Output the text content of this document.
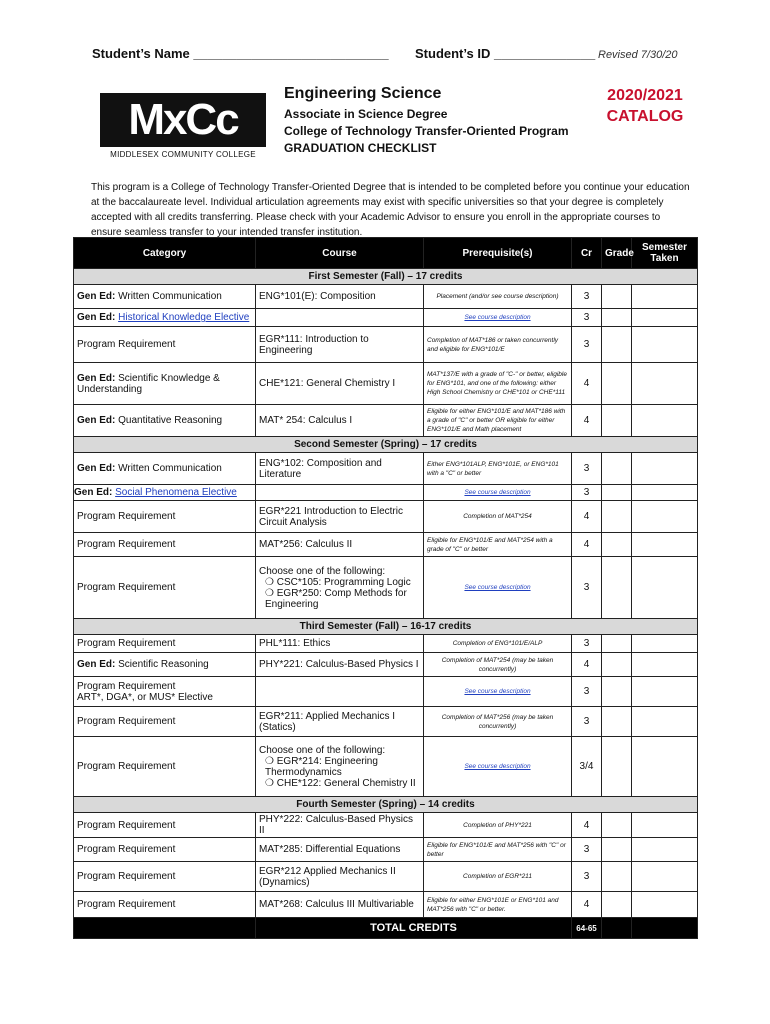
Student’s Name ___________________________ Student’s ID ______________ Revised 7/30/20
MxCc
MIDDLESEX COMMUNITY COLLEGE
Engineering Science
Associate in Science Degree
College of Technology Transfer-Oriented Program
GRADUATION CHECKLIST
2020/2021
CATALOG
This program is a College of Technology Transfer-Oriented Degree that is intended to be completed before you continue your education at the baccalaureate level. Individual articulation agreements may exist with specific universities so that your degree is completely accepted with all credits transferring. Please check with your Academic Advisor to ensure you enroll in the appropriate courses to ensure seamless transfer to your intended transfer institution.
Category	Course	Prerequisite(s)	Cr	Grade	Semester Taken
First Semester (Fall) – 17 credits					
Gen Ed: Written Communication	ENG*101(E): Composition	Placement (and/or see course description)	3		
Gen Ed: Historical Knowledge Elective		See course description	3		
Program Requirement	EGR*111: Introduction to Engineering	Completion of MAT*186 or taken concurrently and eligible for ENG*101/E	3		
Gen Ed: Scientific Knowledge & Understanding	CHE*121: General Chemistry I	MAT*137/E with a grade of "C-" or better, eligible for ENG*101, and one of the following: either High School Chemistry or CHE*101 or CHE*111	4		
Gen Ed: Quantitative Reasoning	MAT* 254: Calculus I	Eligible for either ENG*101/E and MAT*186 with a grade of "C" or better OR eligible for either ENG*101/E and Math placement	4		
Second Semester (Spring) – 17 credits					
Gen Ed: Written Communication	ENG*102: Composition and Literature	Either ENG*101ALP, ENG*101E, or ENG*101 with a "C" or better	3		
Gen Ed: Social Phenomena Elective		See course description	3		
Program Requirement	EGR*221 Introduction to Electric Circuit Analysis	Completion of MAT*254	4		
Program Requirement	MAT*256: Calculus II	Eligible for ENG*101/E and MAT*254 with a grade of "C" or better	4		
Program Requirement	Choose one of the following:
❍ CSC*105: Programming Logic
❍ EGR*250: Comp Methods for Engineering	See course description	3		
Third Semester (Fall) – 16-17 credits					
Program Requirement	PHL*111: Ethics	Completion of ENG*101/E/ALP	3		
Gen Ed: Scientific Reasoning	PHY*221: Calculus-Based Physics I	Completion of MAT*254 (may be taken concurrently)	4		

Program Requirement
ART*, DGA*, or MUS* Elective		See course description	3		
Program Requirement	EGR*211: Applied Mechanics I (Statics)	Completion of MAT*256 (may be taken concurrently)	3		
Program Requirement	Choose one of the following:
❍ EGR*214: Engineering Thermodynamics
❍ CHE*122: General Chemistry II	See course description	3/4		
Fourth Semester (Spring) – 14 credits					
Program Requirement	PHY*222: Calculus-Based Physics II	Completion of PHY*221	4		
Program Requirement	MAT*285: Differential Equations	Eligible for ENG*101/E and MAT*256 with "C" or better	3		
Program Requirement	EGR*212 Applied Mechanics II (Dynamics)	Completion of EGR*211	3		
Program Requirement	MAT*268: Calculus III Multivariable	Eligible for either ENG*101E or ENG*101 and MAT*256 with "C" or better.	4		
	TOTAL CREDITS		64-65		
